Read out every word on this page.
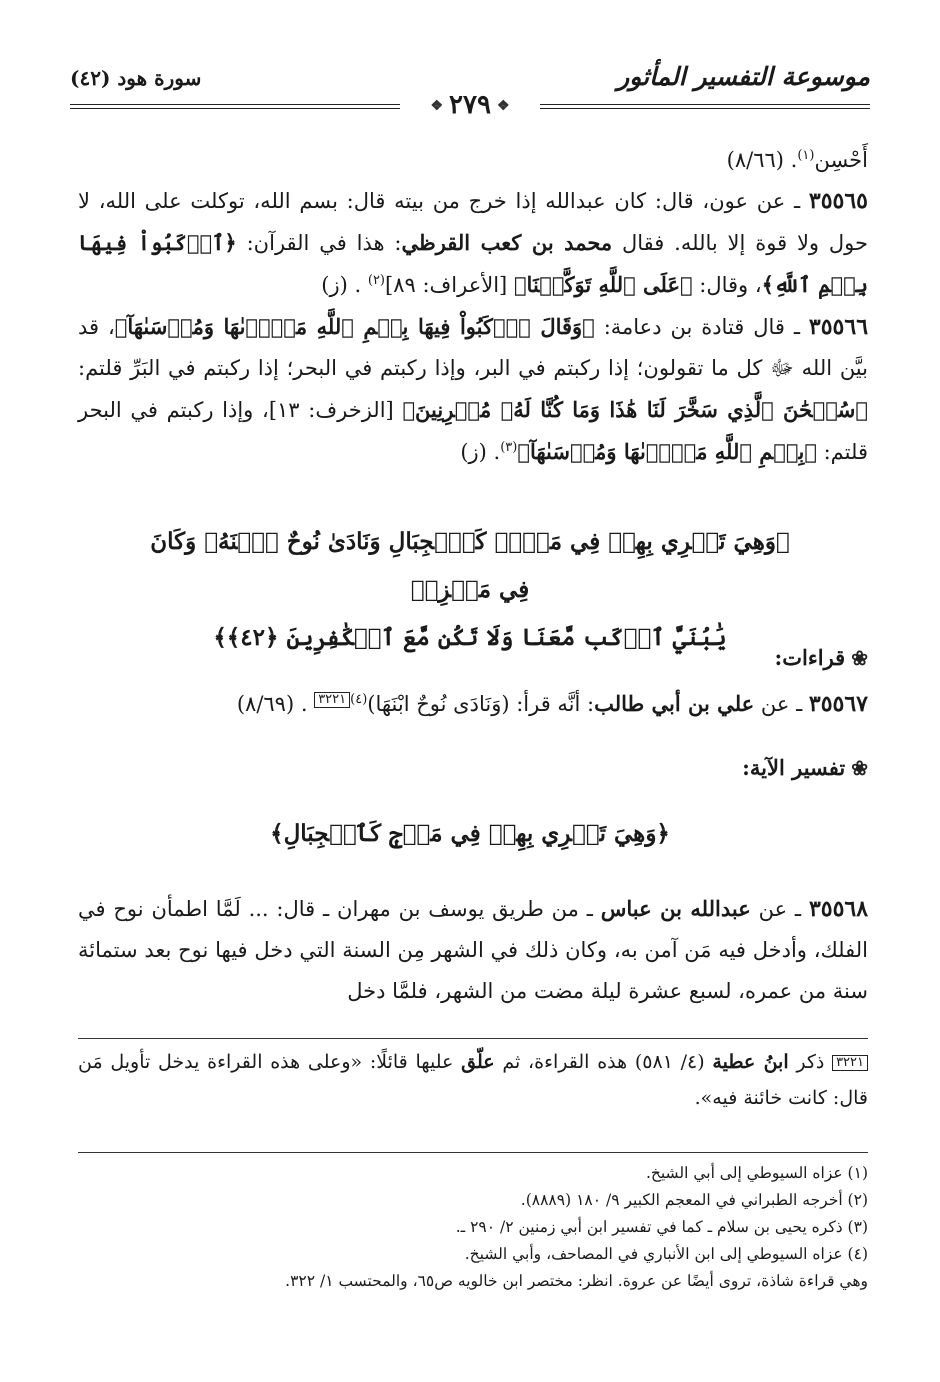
موسوعة التفسير المأثور
سورة هود (٤٢)
❖٢٧٩❖

أَحْسِن$^{(١)}$. (٨/٦٦)

٣٥٥٦٥ ـ عن عون، قال: كان عبدالله إذا خرج من بيته قال: بسم الله، توكلت على الله، لا حول ولا قوة إلا بالله. فقال محمد بن كعب القرظي: هذا في القرآن: ﴿ٱرۡكَبُواْ فِيهَا بِسۡمِ ٱللَّهِ﴾، وقال: ﴿عَلَى ٱللَّهِ تَوَكَّلۡنَا﴾ [الأعراف: ٨٩]$^{(٢)}$ . (ز)

٣٥٥٦٦ ـ قال قتادة بن دعامة: ﴿وَقَالَ ٱرۡكَبُواْ فِيهَا بِسۡمِ ٱللَّهِ مَجۡرٜىٰهَا وَمُرۡسَىٰهَآ﴾، قد بيَّن الله ﷻ كل ما تقولون؛ إذا ركبتم في البر، وإذا ركبتم في البحر؛ إذا ركبتم في البَرِّ قلتم: ﴿سُبۡحَٰنَ ٱلَّذِي سَخَّرَ لَنَا هَٰذَا وَمَا كُنَّا لَهُۥ مُقۡرِنِينَ﴾ [الزخرف: ١٣]، وإذا ركبتم في البحر قلتم: ﴿بِسۡمِ ٱللَّهِ مَجۡرٜىٰهَا وَمُرۡسَىٰهَآ﴾$^{(٣)}$. (ز)

﴿وَهِيَ تَجۡرِي بِهِمۡ فِي مَوۡجٖ كَٱلۡجِبَالِ وَنَادَىٰ نُوحٌ ٱبۡنَهُۥ وَكَانَ فِي مَعۡزِلٖ
يَٰبُنَيَّ ٱرۡكَب مَّعَنَا وَلَا تَكُن مَّعَ ٱلۡكَٰفِرِينَ ﴿٤٢﴾﴾
❀قراءات:

٣٥٥٦٧ ـ عن علي بن أبي طالب: أنَّه قرأ: (وَنَادَى نُوحٌ ابْنَهَا)$^{(٤)}$٣٢٢١ . (٨/٦٩)

❀تفسير الآية:
﴿وَهِيَ تَجۡرِي بِهِمۡ فِي مَوۡجٖ كَٱلۡجِبَالِ﴾

٣٥٥٦٨ ـ عن عبدالله بن عباس ـ من طريق يوسف بن مهران ـ قال: ... لَمَّا اطمأن نوح في الفلك، وأدخل فيه مَن آمن به، وكان ذلك في الشهر مِن السنة التي دخل فيها نوح بعد ستمائة سنة من عمره، لسبع عشرة ليلة مضت من الشهر، فلمَّا دخل

٣٢٢١ ذكر ابنُ عطية (٤/ ٥٨١) هذه القراءة، ثم علّق عليها قائلًا: «وعلى هذه القراءة يدخل تأويل مَن قال: كانت خائنة فيه».

(١) عزاه السيوطي إلى أبي الشيخ.

(٢) أخرجه الطبراني في المعجم الكبير ٩/ ١٨٠ (٨٨٨٩).

(٣) ذكره يحيى بن سلام ـ كما في تفسير ابن أبي زمنين ٢/ ٢٩٠ ـ.

(٤) عزاه السيوطي إلى ابن الأنباري في المصاحف، وأبي الشيخ.

وهي قراءة شاذة، تروى أيضًا عن عروة. انظر: مختصر ابن خالويه ص٦٥، والمحتسب ١/ ٣٢٢.
